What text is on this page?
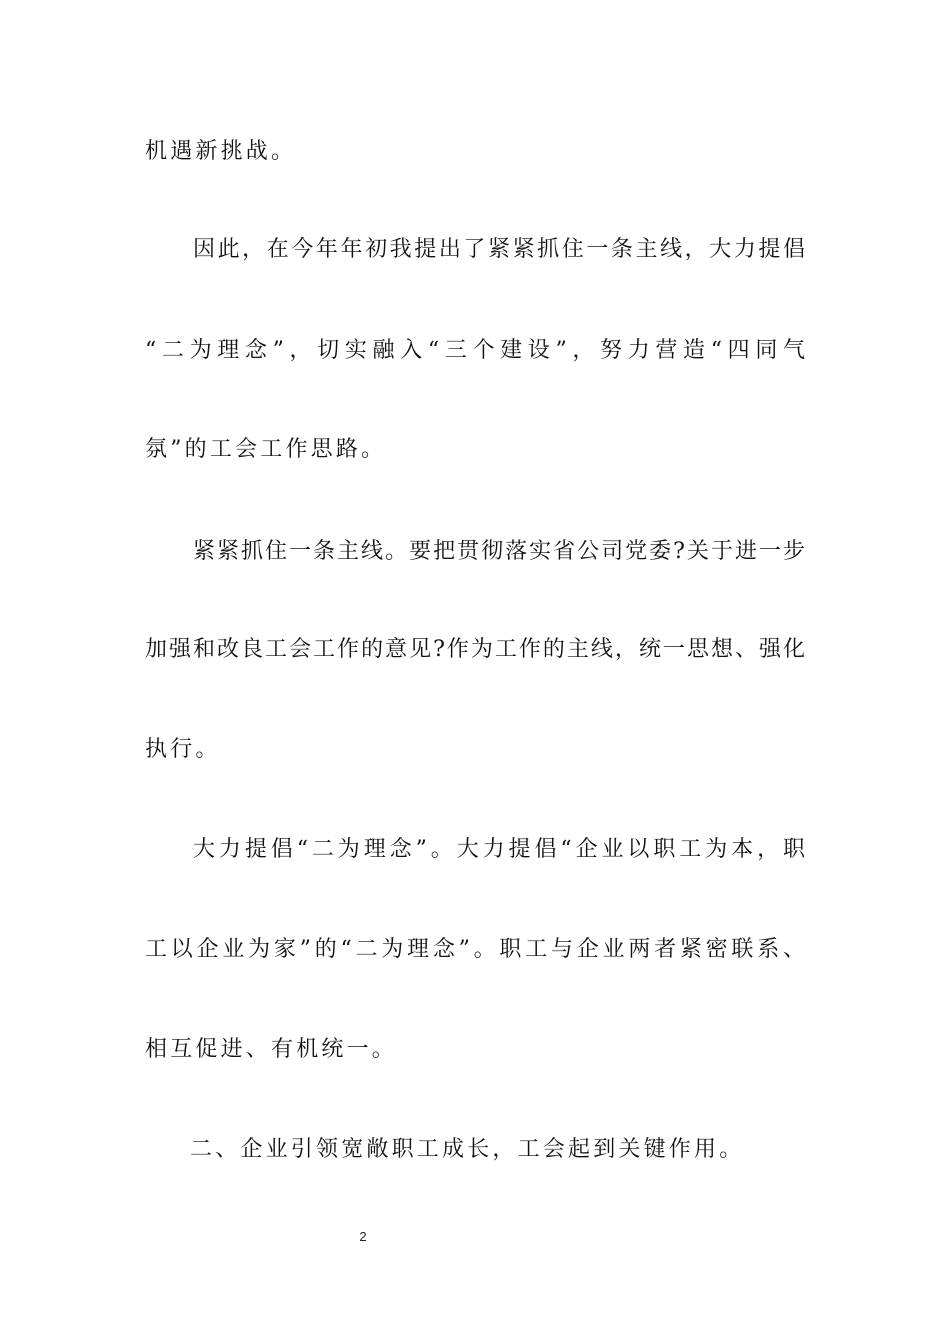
机遇新挑战。
因此，在今年年初我提出了紧紧抓住一条主线，大力提倡
“二为理念”，切实融入“三个建设”，努力营造“四同气
氛”的工会工作思路。
紧紧抓住一条主线。要把贯彻落实省公司党委?关于进一步
加强和改良工会工作的意见?作为工作的主线，统一思想、强化
执行。
大力提倡“二为理念”。大力提倡“企业以职工为本，职
工以企业为家”的“二为理念”。职工与企业两者紧密联系、
相互促进、有机统一。
二、企业引领宽敞职工成长，工会起到关键作用。
2
